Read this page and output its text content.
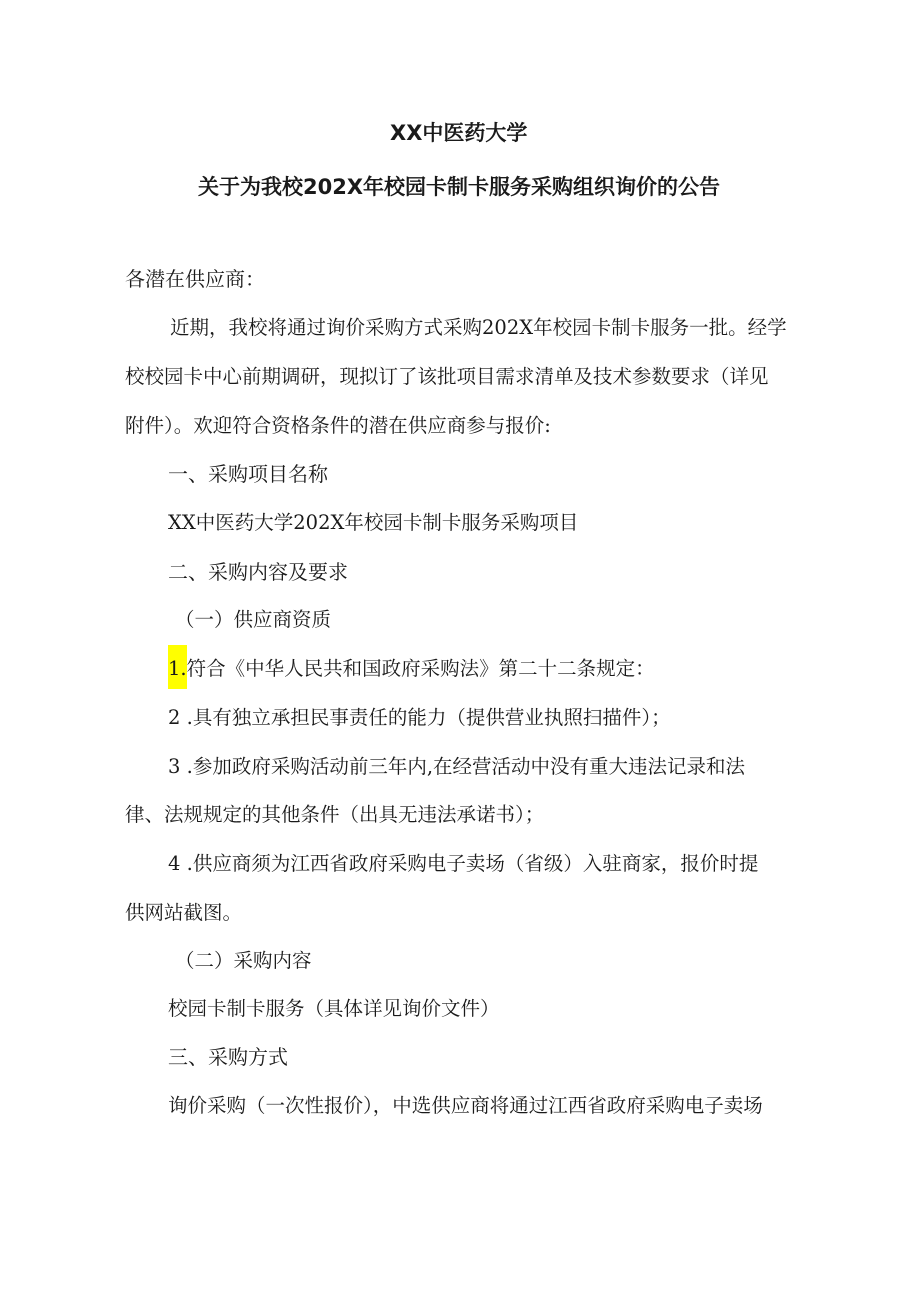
XX中医药大学
关于为我校202X年校园卡制卡服务采购组织询价的公告
各潜在供应商：
近期，我校将通过询价采购方式采购202X年校园卡制卡服务一批。经学
校校园卡中心前期调研，现拟订了该批项目需求清单及技术参数要求（详见
附件）。欢迎符合资格条件的潜在供应商参与报价:
一、采购项目名称
XX中医药大学202X年校园卡制卡服务采购项目
二、采购内容及要求
（一）供应商资质
1.符合《中华人民共和国政府采购法》第二十二条规定：
2 .具有独立承担民事责任的能力（提供营业执照扫描件）；
3 .参加政府采购活动前三年内,在经营活动中没有重大违法记录和法
律、法规规定的其他条件（出具无违法承诺书）；
4 .供应商须为江西省政府采购电子卖场（省级）入驻商家，报价时提
供网站截图。
（二）采购内容
校园卡制卡服务（具体详见询价文件）
三、采购方式
询价采购（一次性报价），中选供应商将通过江西省政府采购电子卖场
